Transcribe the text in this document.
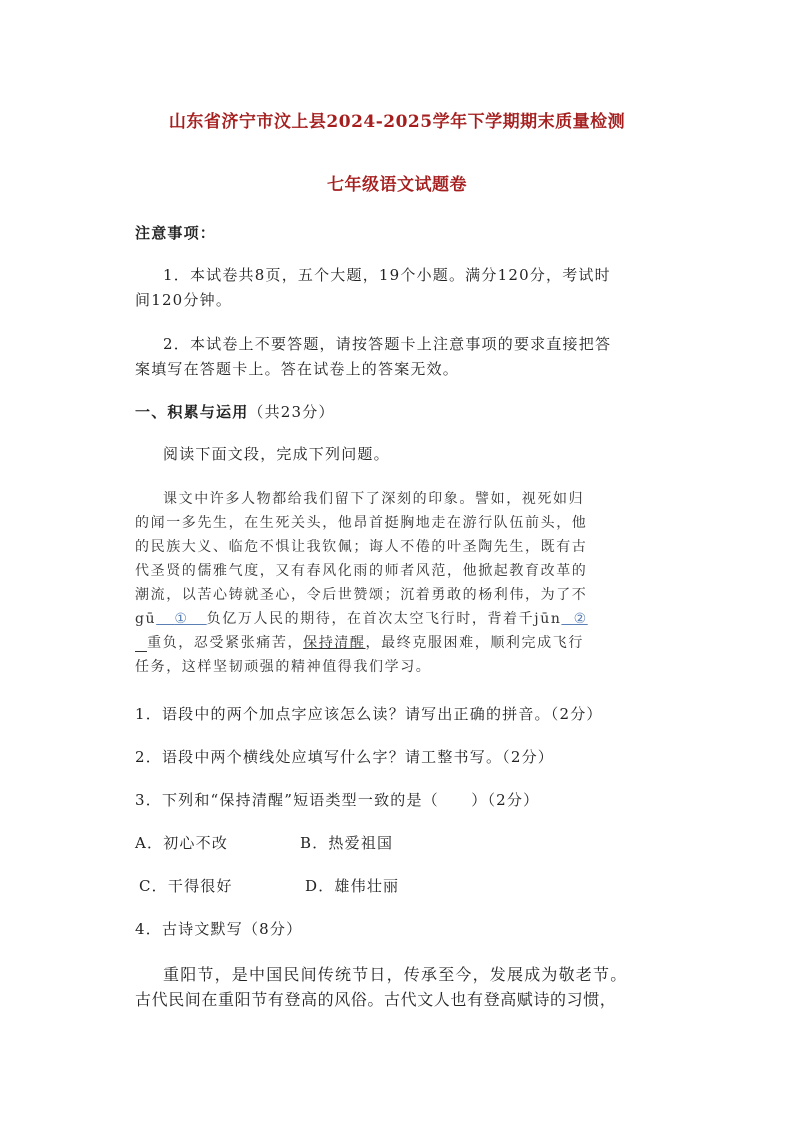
山东省济宁市汶上县2024-2025学年下学期期末质量检测
七年级语文试题卷
注意事项：
1．本试卷共8页，五个大题，19个小题。满分120分，考试时
间120分钟。
2．本试卷上不要答题，请按答题卡上注意事项的要求直接把答
案填写在答题卡上。答在试卷上的答案无效。
一、积累与运用（共23分）
阅读下面文段，完成下列问题。
课文中许多人物都给我们留下了深刻的印象。譬如，视死如归
的闻一多先生，在生死关头，他昂首挺胸地走在游行队伍前头，他
的民族大义、临危不惧让我钦佩；诲人不倦的叶圣陶先生，既有古
代圣贤的儒雅气度，又有春风化雨的师者风范，他掀起教育改革的
潮流，以苦心铸就圣心，令后世赞颂；沉着勇敢的杨利伟，为了不
gū ① 负亿万人民的期待，在首次太空飞行时，背着千jūn ②
重负，忍受紧张痛苦，保持清醒，最终克服困难，顺利完成飞行
任务，这样坚韧顽强的精神值得我们学习。
1．语段中的两个加点字应该怎么读？请写出正确的拼音。（2分）
2．语段中两个横线处应填写什么字？请工整书写。（2分）
3．下列和“保持清醒”短语类型一致的是（　　）（2分）
A．初心不改	B．热爱祖国
C．干得很好	D．雄伟壮丽
4．古诗文默写（8分）
重阳节，是中国民间传统节日，传承至今，发展成为敬老节。
古代民间在重阳节有登高的风俗。古代文人也有登高赋诗的习惯，
